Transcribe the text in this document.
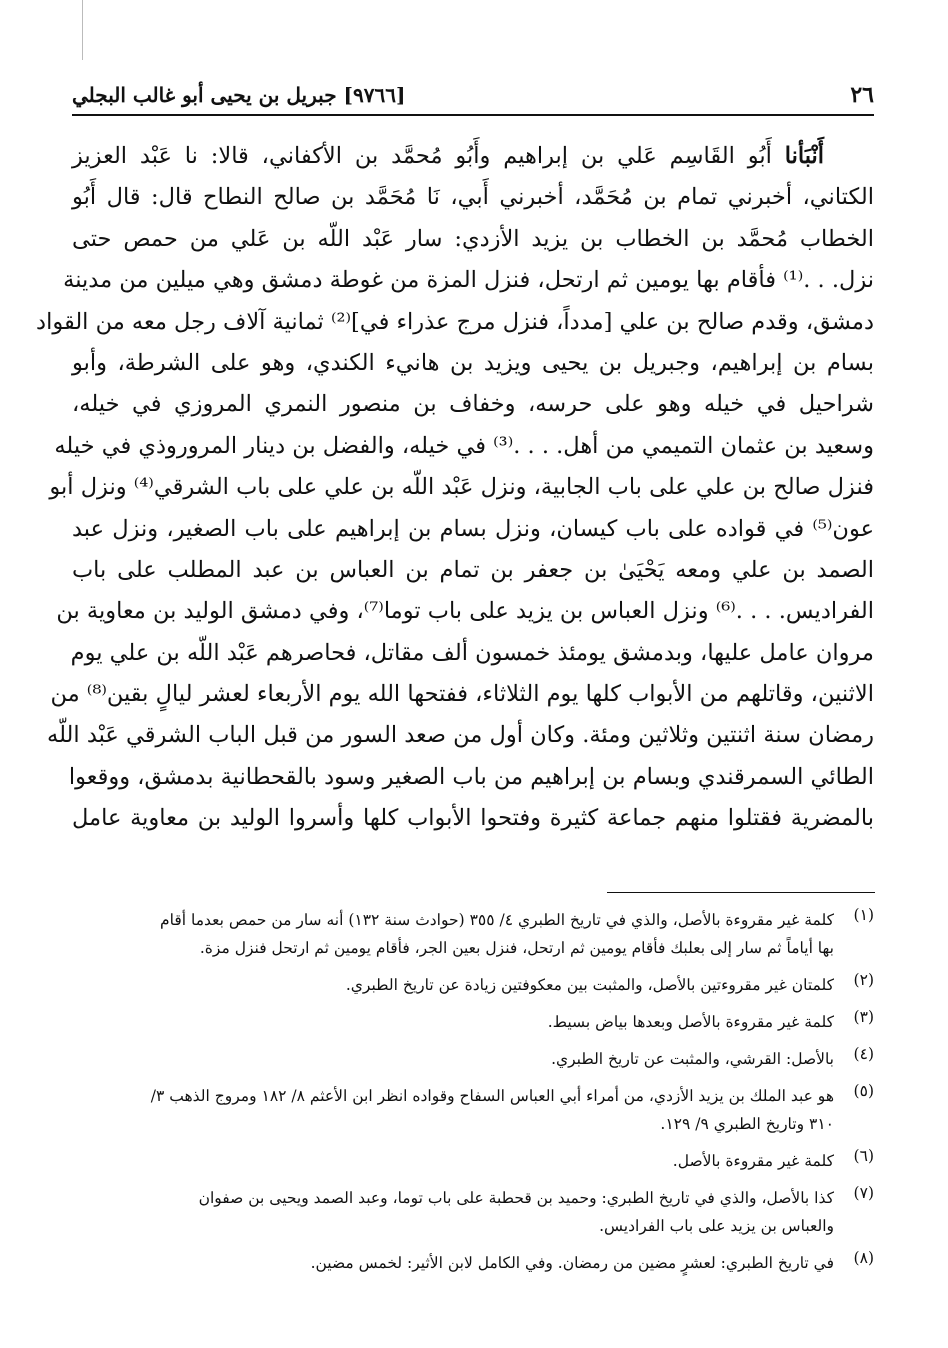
٢٦
[٩٧٦٦] جبريل بن يحيى أبو غالب البجلي
أَنْبَأنا أَبُو القَاسِم عَلي بن إبراهيم وأَبُو مُحمَّد بن الأكفاني، قالا: نا عَبْد العزيز
الكتاني، أخبرني تمام بن مُحَمَّد، أخبرني أَبي، نَا مُحَمَّد بن صالح النطاح قال: قال أَبُو
الخطاب مُحمَّد بن الخطاب بن يزيد الأزدي: سار عَبْد اللّه بن عَلي من حمص حتى
نزل. . .⁽¹⁾ فأقام بها يومين ثم ارتحل، فنزل المزة من غوطة دمشق وهي ميلين من مدينة
دمشق، وقدم صالح بن علي [مدداً، فنزل مرج عذراء في]⁽²⁾ ثمانية آلاف رجل معه من القواد
بسام بن إبراهيم، وجبريل بن يحيى ويزيد بن هانيء الكندي، وهو على الشرطة، وأبو
شراحيل في خيله وهو على حرسه، وخفاف بن منصور النمري المروزي في خيله،
وسعيد بن عثمان التميمي من أهل. . . .⁽³⁾ في خيله، والفضل بن دينار المروروذي في خيله
فنزل صالح بن علي على باب الجابية، ونزل عَبْد اللّه بن علي على باب الشرقي⁽⁴⁾ ونزل أبو
عون⁽⁵⁾ في قواده على باب كيسان، ونزل بسام بن إبراهيم على باب الصغير، ونزل عبد
الصمد بن علي ومعه يَحْيَىٰ بن جعفر بن تمام بن العباس بن عبد المطلب على باب
الفراديس. . . .⁽⁶⁾ ونزل العباس بن يزيد على باب توما⁽⁷⁾، وفي دمشق الوليد بن معاوية بن
مروان عامل عليها، وبدمشق يومئذ خمسون ألف مقاتل، فحاصرهم عَبْد اللّه بن علي يوم
الاثنين، وقاتلهم من الأبواب كلها يوم الثلاثاء، ففتحها الله يوم الأربعاء لعشر ليالٍ بقين⁽⁸⁾ من
رمضان سنة اثنتين وثلاثين ومئة. وكان أول من صعد السور من قبل الباب الشرقي عَبْد اللّه
الطائي السمرقندي وبسام بن إبراهيم من باب الصغير وسود بالقحطانية بدمشق، ووقعوا
بالمضرية فقتلوا منهم جماعة كثيرة وفتحوا الأبواب كلها وأسروا الوليد بن معاوية عامل
(١)
كلمة غير مقروءة بالأصل، والذي في تاريخ الطبري ٤/ ٣٥٥ (حوادث سنة ١٣٢) أنه سار من حمص بعدما أقام
بها أياماً ثم سار إلى بعلبك فأقام يومين ثم ارتحل، فنزل بعين الجر، فأقام يومين ثم ارتحل فنزل مزة.
(٢)
كلمتان غير مقروءتين بالأصل، والمثبت بين معكوفتين زيادة عن تاريخ الطبري.
(٣)
كلمة غير مقروءة بالأصل وبعدها بياض بسيط.
(٤)
بالأصل: القرشي، والمثبت عن تاريخ الطبري.
(٥)
هو عبد الملك بن يزيد الأزدي، من أمراء أبي العباس السفاح وقواده انظر ابن الأعثم ٨/ ١٨٢ ومروج الذهب ٣/
٣١٠ وتاريخ الطبري ٩/ ١٢٩.
(٦)
كلمة غير مقروءة بالأصل.
(٧)
كذا بالأصل، والذي في تاريخ الطبري: وحميد بن قحطبة على باب توما، وعبد الصمد ويحيى بن صفوان
والعباس بن يزيد على باب الفراديس.
(٨)
في تاريخ الطبري: لعشرٍ مضين من رمضان. وفي الكامل لابن الأثير: لخمس مضين.
